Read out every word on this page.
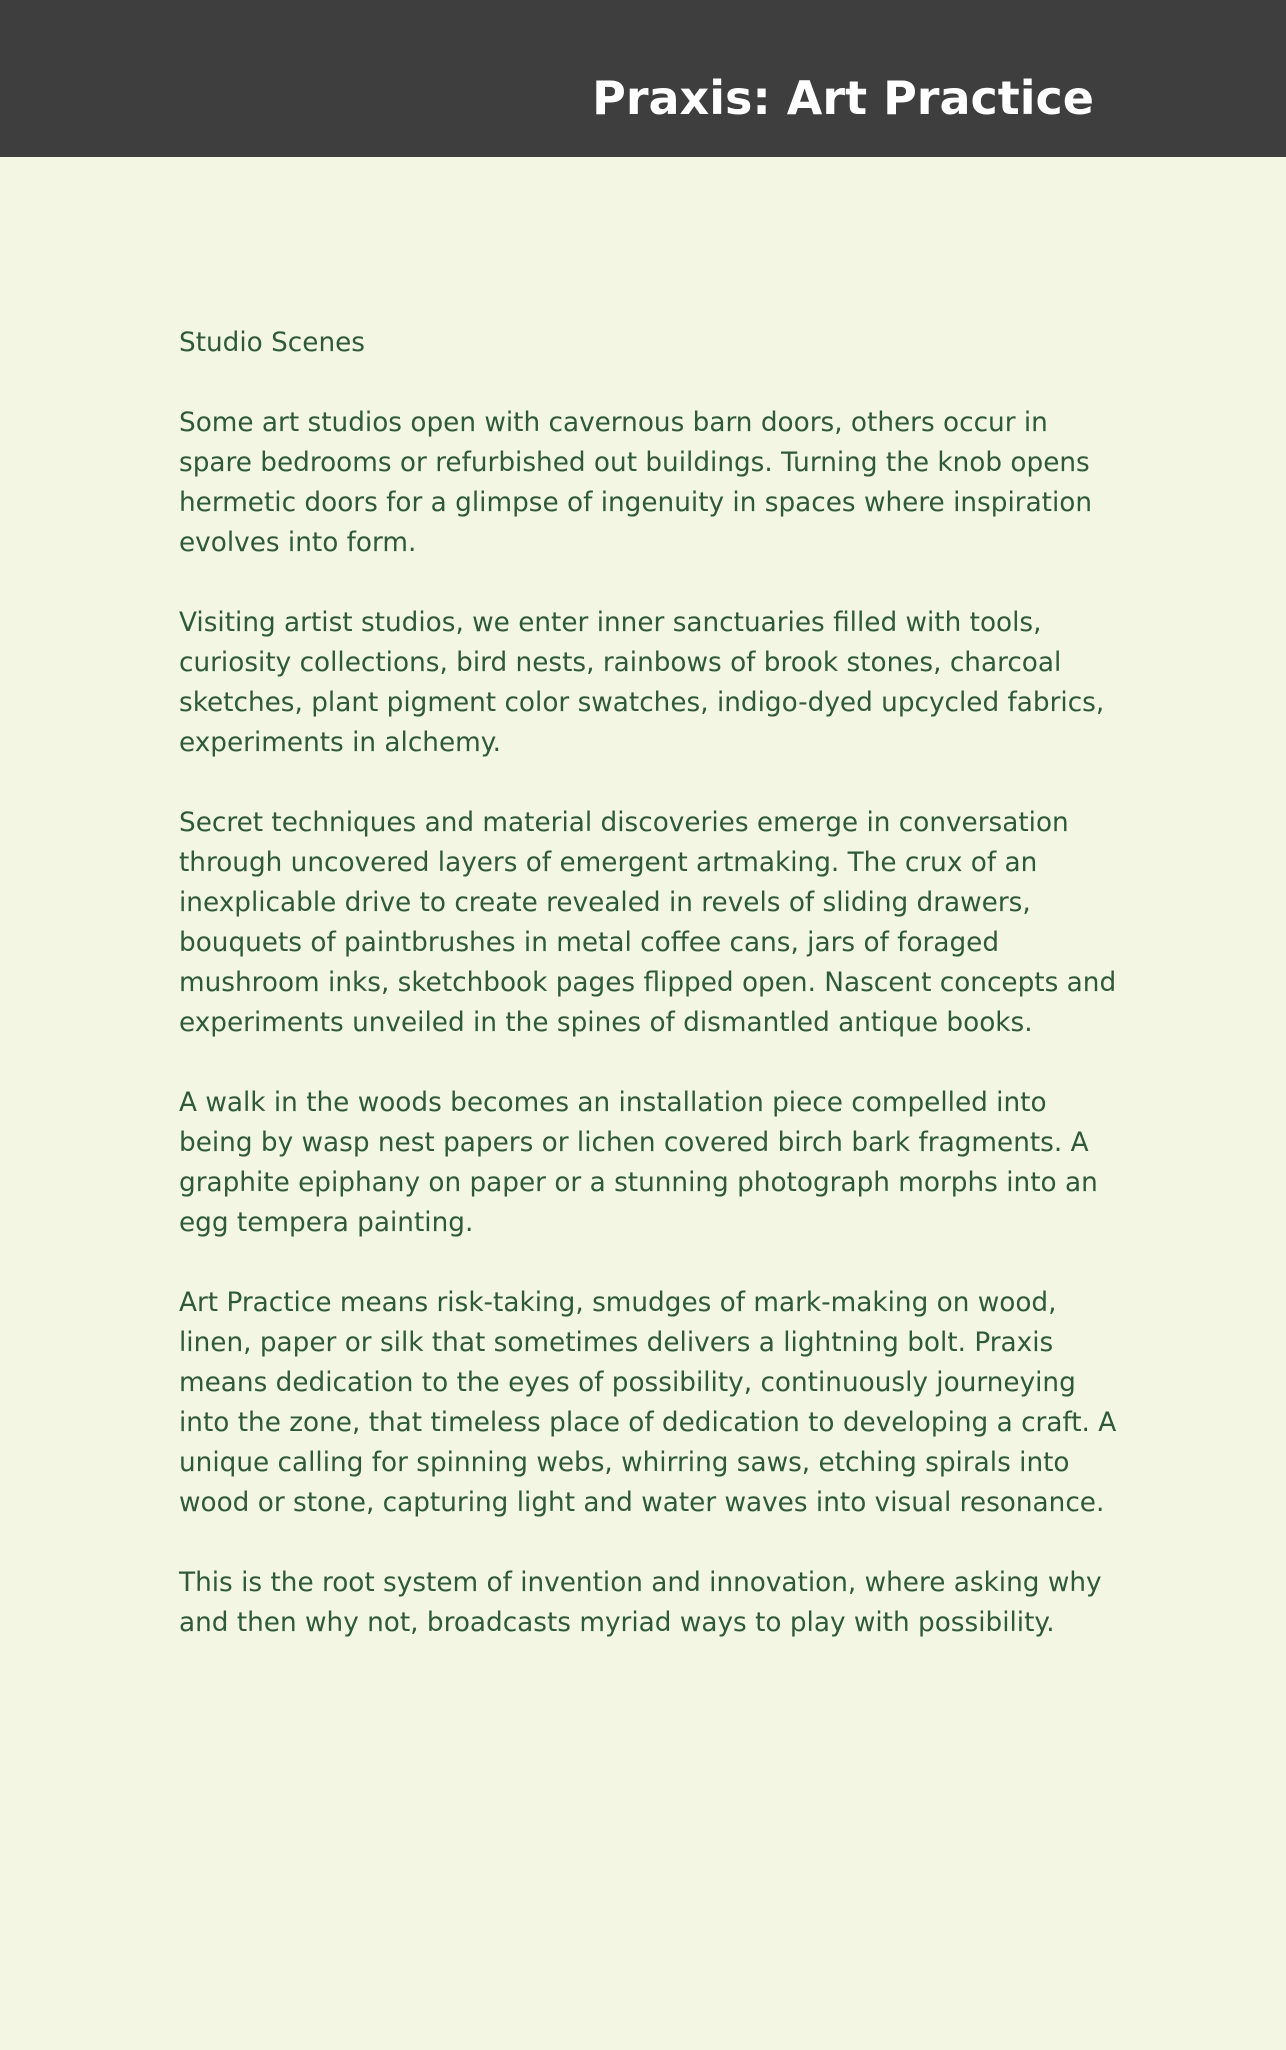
Praxis: Art Practice

Studio Scenes

Some art studios open with cavernous barn doors, others occur in spare bedrooms or refurbished out buildings. Turning the knob opens hermetic doors for a glimpse of ingenuity in spaces where inspiration evolves into form.

Visiting artist studios, we enter inner sanctuaries filled with tools, curiosity collections, bird nests, rainbows of brook stones, charcoal sketches, plant pigment color swatches, indigo-dyed upcycled fabrics, experiments in alchemy.

Secret techniques and material discoveries emerge in conversation through uncovered layers of emergent artmaking. The crux of an inexplicable drive to create revealed in revels of sliding drawers, bouquets of paintbrushes in metal coffee cans, jars of foraged mushroom inks, sketchbook pages flipped open. Nascent concepts and experiments unveiled in the spines of dismantled antique books.

A walk in the woods becomes an installation piece compelled into being by wasp nest papers or lichen covered birch bark fragments. A graphite epiphany on paper or a stunning photograph morphs into an egg tempera painting.

Art Practice means risk-taking, smudges of mark-making on wood, linen, paper or silk that sometimes delivers a lightning bolt. Praxis means dedication to the eyes of possibility, continuously journeying into the zone, that timeless place of dedication to developing a craft. A unique calling for spinning webs, whirring saws, etching spirals into wood or stone, capturing light and water waves into visual resonance.

This is the root system of invention and innovation, where asking why and then why not, broadcasts myriad ways to play with possibility.
